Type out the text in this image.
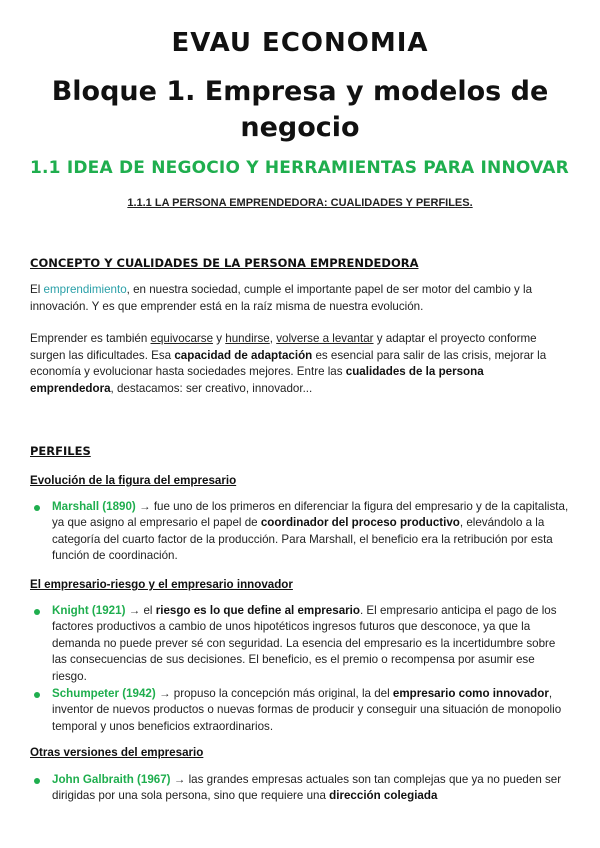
EVAU ECONOMIA
Bloque 1. Empresa y modelos de negocio
1.1 IDEA DE NEGOCIO Y HERRAMIENTAS PARA INNOVAR
1.1.1 LA PERSONA EMPRENDEDORA: CUALIDADES Y PERFILES.
CONCEPTO Y CUALIDADES DE LA PERSONA EMPRENDEDORA

El emprendimiento, en nuestra sociedad, cumple el importante papel de ser motor del cambio y la innovación. Y es que emprender está en la raíz misma de nuestra evolución.

Emprender es también equivocarse y hundirse, volverse a levantar y adaptar el proyecto conforme surgen las dificultades. Esa capacidad de adaptación es esencial para salir de las crisis, mejorar la economía y evolucionar hasta sociedades mejores. Entre las cualidades de la persona emprendedora, destacamos: ser creativo, innovador...

PERFILES
Evolución de la figura del empresario
Marshall (1890) → fue uno de los primeros en diferenciar la figura del empresario y de la capitalista, ya que asigno al empresario el papel de coordinador del proceso productivo, elevándolo a la categoría del cuarto factor de la producción. Para Marshall, el beneficio era la retribución por esta función de coordinación.
El empresario-riesgo y el empresario innovador
Knight (1921) → el riesgo es lo que define al empresario. El empresario anticipa el pago de los factores productivos a cambio de unos hipotéticos ingresos futuros que desconoce, ya que la demanda no puede prever sé con seguridad. La esencia del empresario es la incertidumbre sobre las consecuencias de sus decisiones. El beneficio, es el premio o recompensa por asumir ese riesgo.
Schumpeter (1942) → propuso la concepción más original, la del empresario como innovador, inventor de nuevos productos o nuevas formas de producir y conseguir una situación de monopolio temporal y unos beneficios extraordinarios.
Otras versiones del empresario
John Galbraith (1967) → las grandes empresas actuales son tan complejas que ya no pueden ser dirigidas por una sola persona, sino que requiere una dirección colegiada
